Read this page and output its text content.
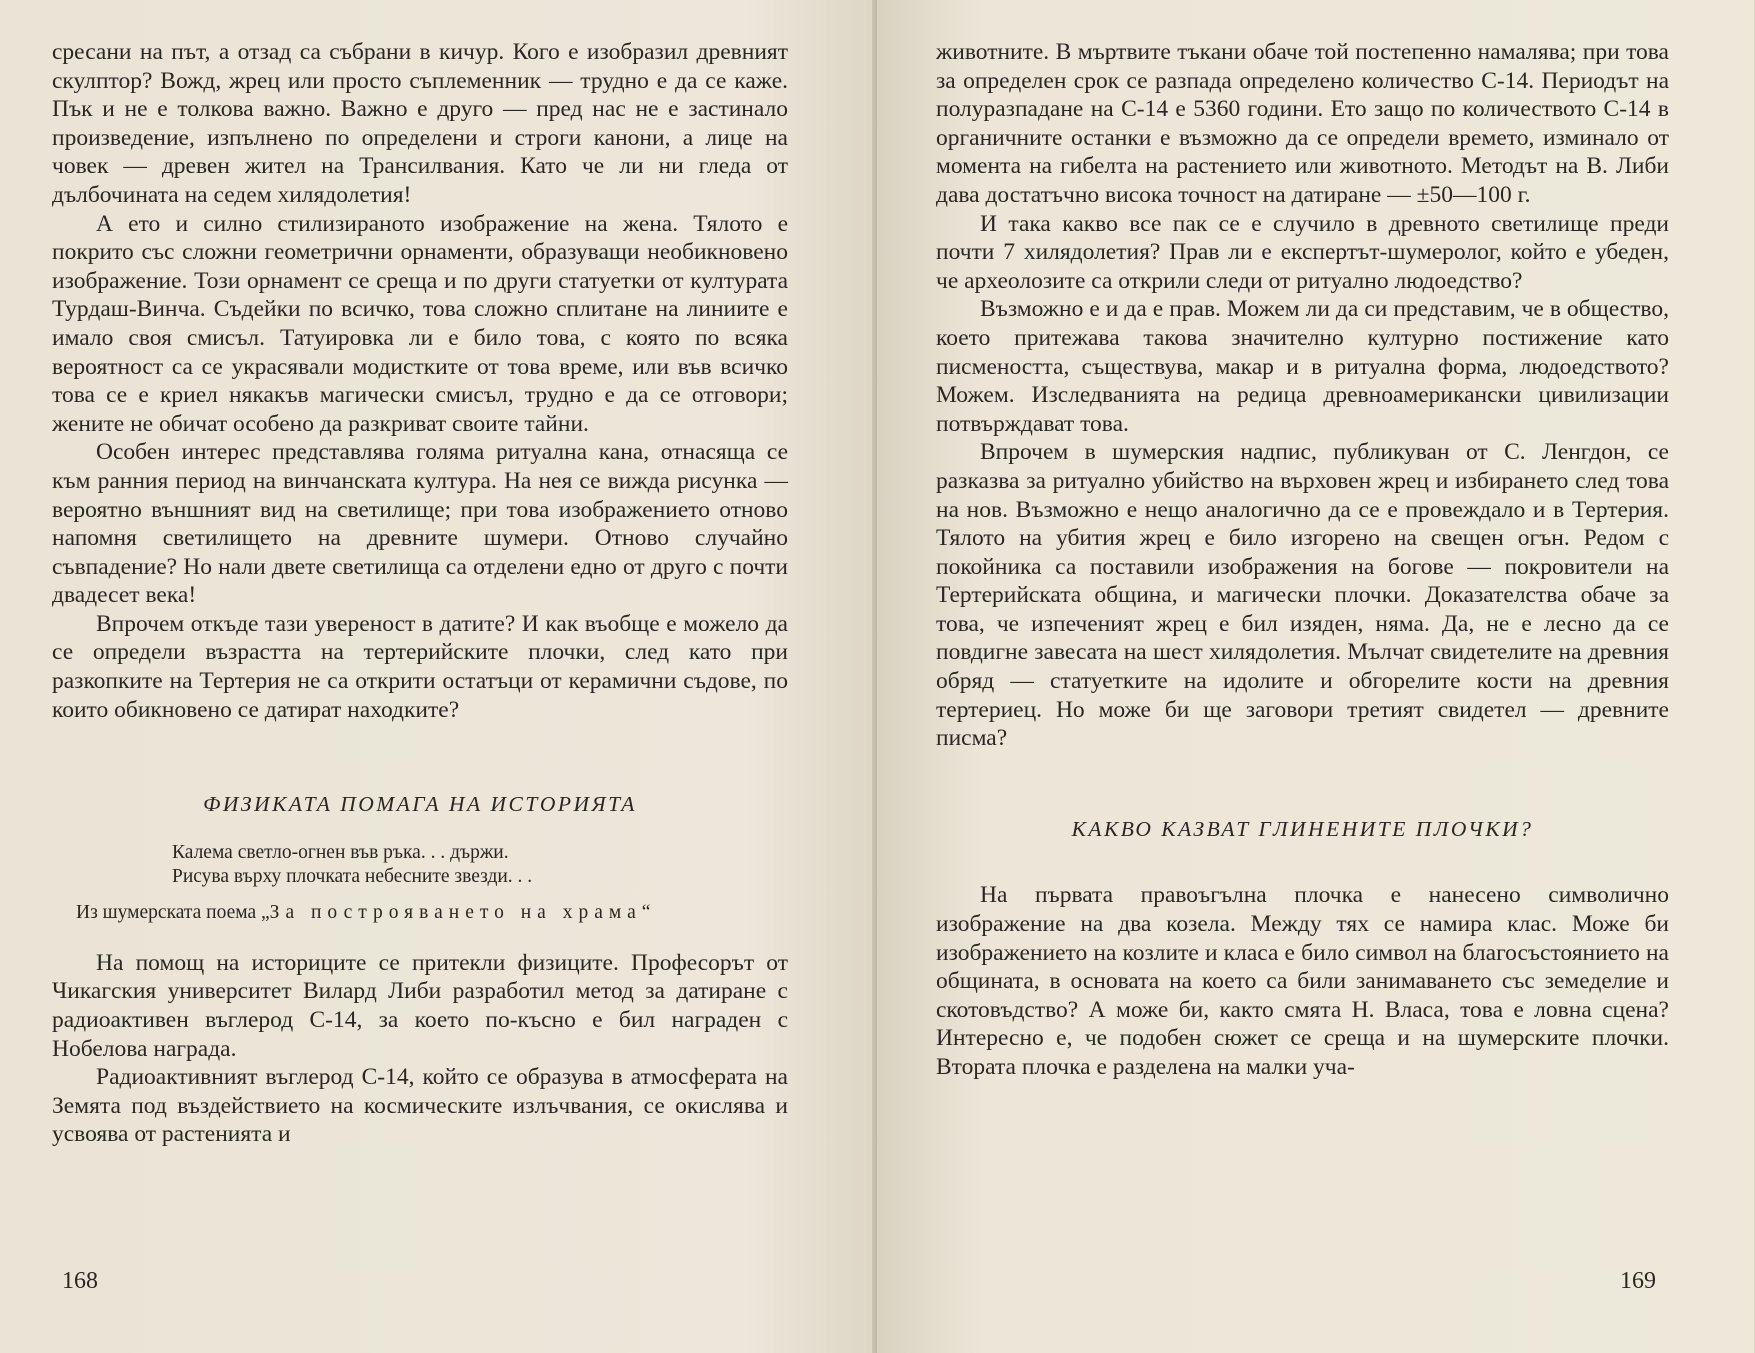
сресани на път, а отзад са събрани в кичур. Кого е изобразил древният скулптор? Вожд, жрец или просто съплеменник — трудно е да се каже. Пък и не е толкова важно. Важно е друго — пред нас не е застинало произведение, изпълнено по определени и строги канони, а лице на човек — древен жител на Трансилвания. Като че ли ни гледа от дълбочината на седем хилядолетия!

А ето и силно стилизираното изображение на жена. Тялото е покрито със сложни геометрични орнаменти, образуващи необикновено изображение. Този орнамент се среща и по други статуетки от културата Турдаш-Винча. Съдейки по всичко, това сложно сплитане на линиите е имало своя смисъл. Татуировка ли е било това, с която по всяка вероятност са се украсявали модистките от това време, или във всичко това се е криел някакъв магически смисъл, трудно е да се отговори; жените не обичат особено да разкриват своите тайни.

Особен интерес представлява голяма ритуална кана, отнасяща се към ранния период на винчанската култура. На нея се вижда рисунка — вероятно външният вид на светилище; при това изображението отново напомня светилището на древните шумери. Отново случайно съвпадение? Но нали двете светилища са отделени едно от друго с почти двадесет века!

Впрочем откъде тази увереност в датите? И как въобще е можело да се определи възрастта на тертерийските плочки, след като при разкопките на Тертерия не са открити остатъци от керамични съдове, по които обикновено се датират находките?

ФИЗИКАТА ПОМАГА НА ИСТОРИЯТА

Калема светло-огнен във ръка. . . държи.
Рисува върху плочката небесните звезди. . .

Из шумерската поема „За построяването на храма“

На помощ на историците се притекли физиците. Професорът от Чикагския университет Вилард Либи разработил метод за датиране с радиоактивен въглерод С-14, за което по-късно е бил награден с Нобелова награда.

Радиоактивният въглерод С-14, който се образува в атмосферата на Земята под въздействието на космическите излъчвания, се окислява и усвоява от растенията и

168

животните. В мъртвите тъкани обаче той постепенно намалява; при това за определен срок се разпада определено количество С-14. Периодът на полуразпадане на С-14 е 5360 години. Ето защо по количеството С-14 в органичните останки е възможно да се определи времето, изминало от момента на гибелта на растението или животното. Методът на В. Либи дава достатъчно висока точност на датиране — ±50—100 г.

И така какво все пак се е случило в древното светилище преди почти 7 хилядолетия? Прав ли е експертът-шумеролог, който е убеден, че археолозите са открили следи от ритуално людоедство?

Възможно е и да е прав. Можем ли да си представим, че в общество, което притежава такова значително културно постижение като писмеността, съществува, макар и в ритуална форма, людоедството? Можем. Изследванията на редица древноамерикански цивилизации потвърждават това.

Впрочем в шумерския надпис, публикуван от С. Ленгдон, се разказва за ритуално убийство на върховен жрец и избирането след това на нов. Възможно е нещо аналогично да се е провеждало и в Тертерия. Тялото на убития жрец е било изгорено на свещен огън. Редом с покойника са поставили изображения на богове — покровители на Тертерийската община, и магически плочки. Доказателства обаче за това, че изпеченият жрец е бил изяден, няма. Да, не е лесно да се повдигне завесата на шест хилядолетия. Мълчат свидетелите на древния обряд — статуетките на идолите и обгорелите кости на древния тертериец. Но може би ще заговори третият свидетел — древните писма?

КАКВО КАЗВАТ ГЛИНЕНИТЕ ПЛОЧКИ?

На първата правоъгълна плочка е нанесено символично изображение на два козела. Между тях се намира клас. Може би изображението на козлите и класа е било символ на благосъстоянието на общината, в основата на което са били занимаването със земеделие и скотовъдство? А може би, както смята Н. Власа, това е ловна сцена? Интересно е, че подобен сюжет се среща и на шумерските плочки. Втората плочка е разделена на малки уча-

169
